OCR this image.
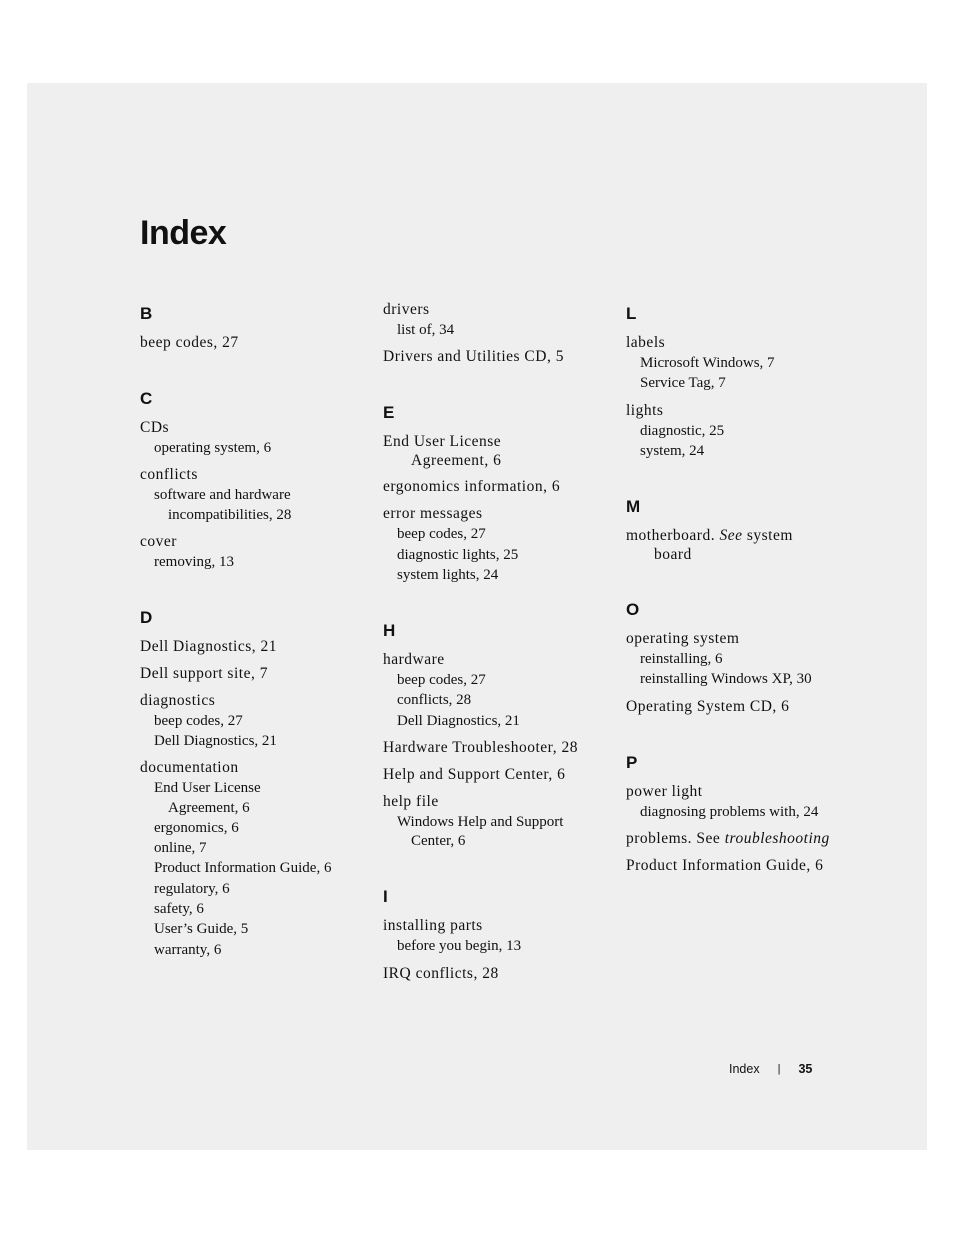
Index
B
beep codes, 27
C
CDs
operating system, 6
conflicts
software and hardware
incompatibilities, 28
cover
removing, 13
D
Dell Diagnostics, 21
Dell support site, 7
diagnostics
beep codes, 27
Dell Diagnostics, 21
documentation
End User License
Agreement, 6
ergonomics, 6
online, 7
Product Information Guide, 6
regulatory, 6
safety, 6
User’s Guide, 5
warranty, 6
drivers
list of, 34
Drivers and Utilities CD, 5
E
End User License
Agreement, 6
ergonomics information, 6
error messages
beep codes, 27
diagnostic lights, 25
system lights, 24
H
hardware
beep codes, 27
conflicts, 28
Dell Diagnostics, 21
Hardware Troubleshooter, 28
Help and Support Center, 6
help file
Windows Help and Support
Center, 6
I
installing parts
before you begin, 13
IRQ conflicts, 28
L
labels
Microsoft Windows, 7
Service Tag, 7
lights
diagnostic, 25
system, 24
M
motherboard. See system
board
O
operating system
reinstalling, 6
reinstalling Windows XP, 30
Operating System CD, 6
P
power light
diagnosing problems with, 24
problems. See troubleshooting
Product Information Guide, 6
Index | 35
